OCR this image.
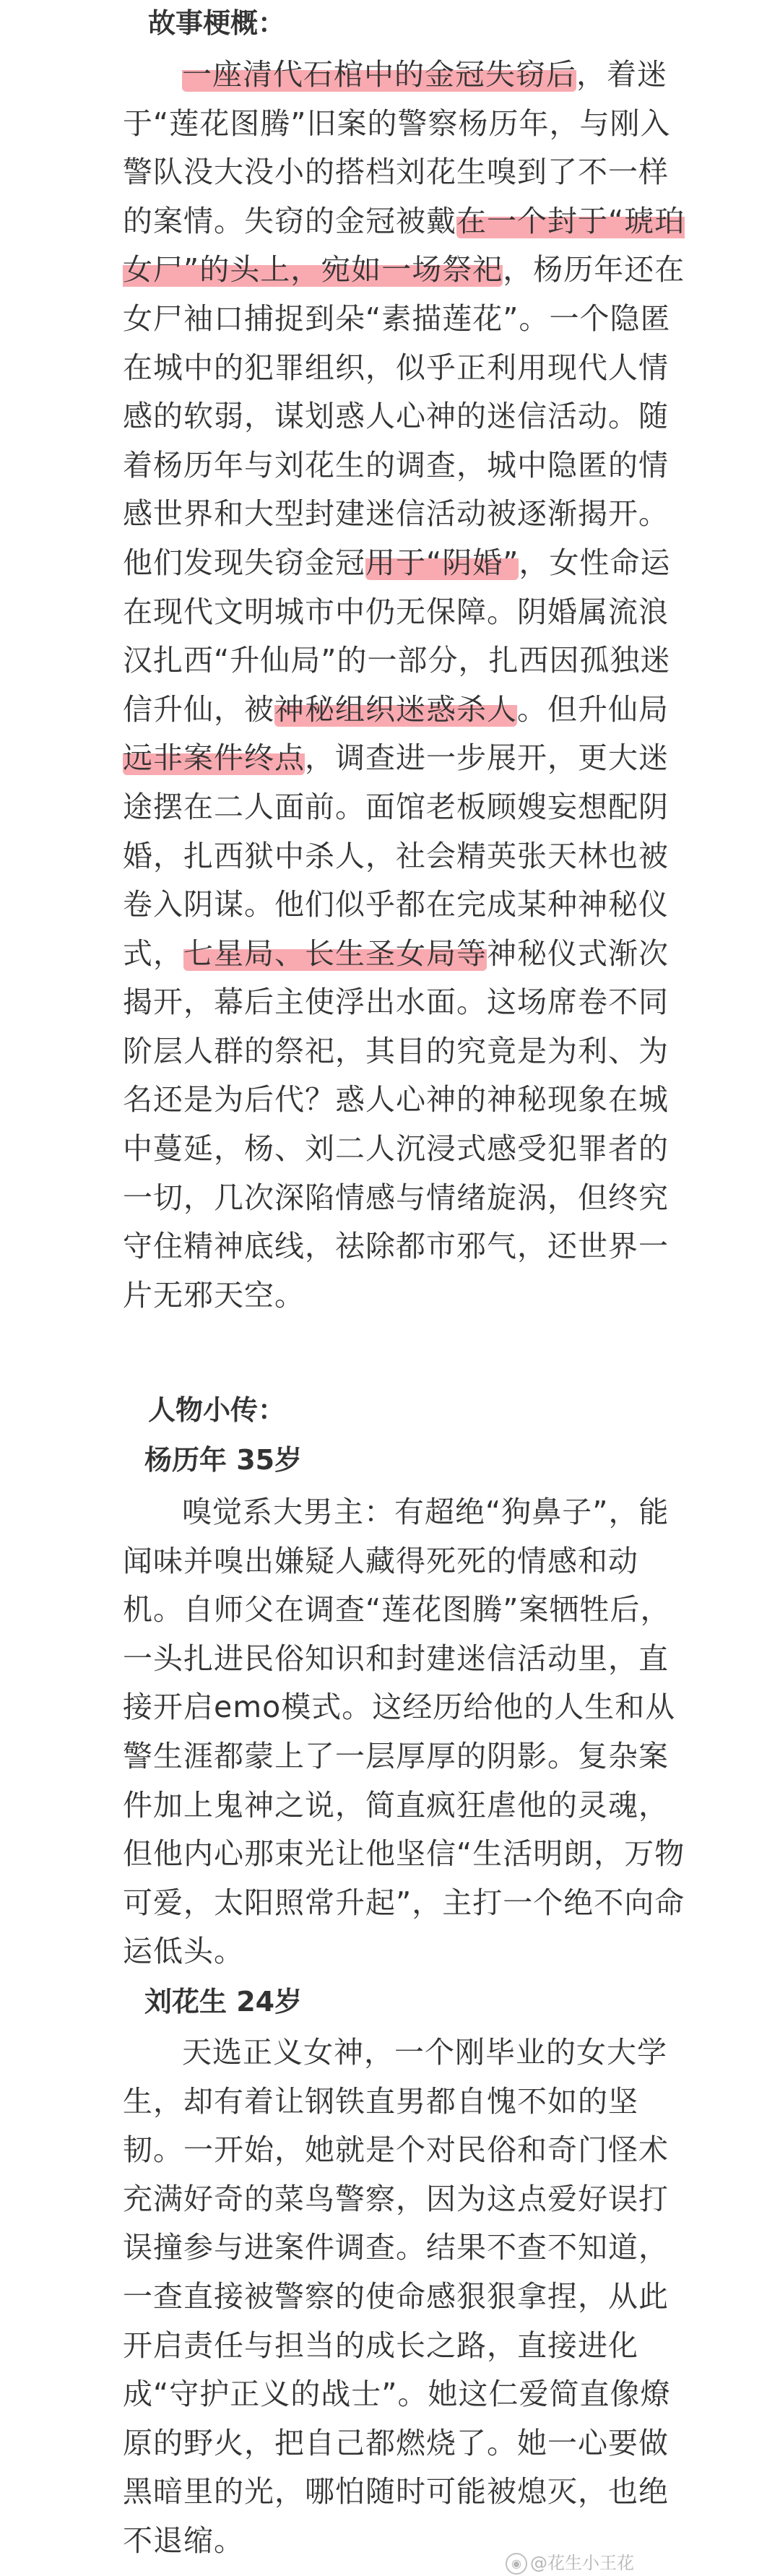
故事梗概：
一座清代石棺中的金冠失窃后，着迷于“莲花图腾”旧案的警察杨历年，与刚入警队没大没小的搭档刘花生嗅到了不一样的案情。失窃的金冠被戴在一个封于“琥珀女尸”的头上，宛如一场祭祀，杨历年还在女尸袖口捕捉到朵“素描莲花”。一个隐匿在城中的犯罪组织，似乎正利用现代人情感的软弱，谋划惑人心神的迷信活动。随着杨历年与刘花生的调查，城中隐匿的情感世界和大型封建迷信活动被逐渐揭开。他们发现失窃金冠用于“阴婚”，女性命运在现代文明城市中仍无保障。阴婚属流浪汉扎西“升仙局”的一部分，扎西因孤独迷信升仙，被神秘组织迷惑杀人。但升仙局远非案件终点，调查进一步展开，更大迷途摆在二人面前。面馆老板顾嫂妄想配阴婚，扎西狱中杀人，社会精英张天林也被卷入阴谋。他们似乎都在完成某种神秘仪式，七星局、长生圣女局等神秘仪式渐次揭开，幕后主使浮出水面。这场席卷不同阶层人群的祭祀，其目的究竟是为利、为名还是为后代？惑人心神的神秘现象在城中蔓延，杨、刘二人沉浸式感受犯罪者的一切，几次深陷情感与情绪旋涡，但终究守住精神底线，祛除都市邪气，还世界一片无邪天空。
人物小传：
杨历年 35岁
嗅觉系大男主：有超绝“狗鼻子”，能闻味并嗅出嫌疑人藏得死死的情感和动机。自师父在调查“莲花图腾”案牺牲后，一头扎进民俗知识和封建迷信活动里，直接开启emo模式。这经历给他的人生和从警生涯都蒙上了一层厚厚的阴影。复杂案件加上鬼神之说，简直疯狂虐他的灵魂，但他内心那束光让他坚信“生活明朗，万物可爱，太阳照常升起”，主打一个绝不向命运低头。
刘花生 24岁
天选正义女神，一个刚毕业的女大学生，却有着让钢铁直男都自愧不如的坚韧。一开始，她就是个对民俗和奇门怪术充满好奇的菜鸟警察，因为这点爱好误打误撞参与进案件调查。结果不查不知道，一查直接被警察的使命感狠狠拿捏，从此开启责任与担当的成长之路，直接进化成“守护正义的战士”。她这仁爱简直像燎原的野火，把自己都燃烧了。她一心要做黑暗里的光，哪怕随时可能被熄灭，也绝不退缩。
◉ @花生小王花
